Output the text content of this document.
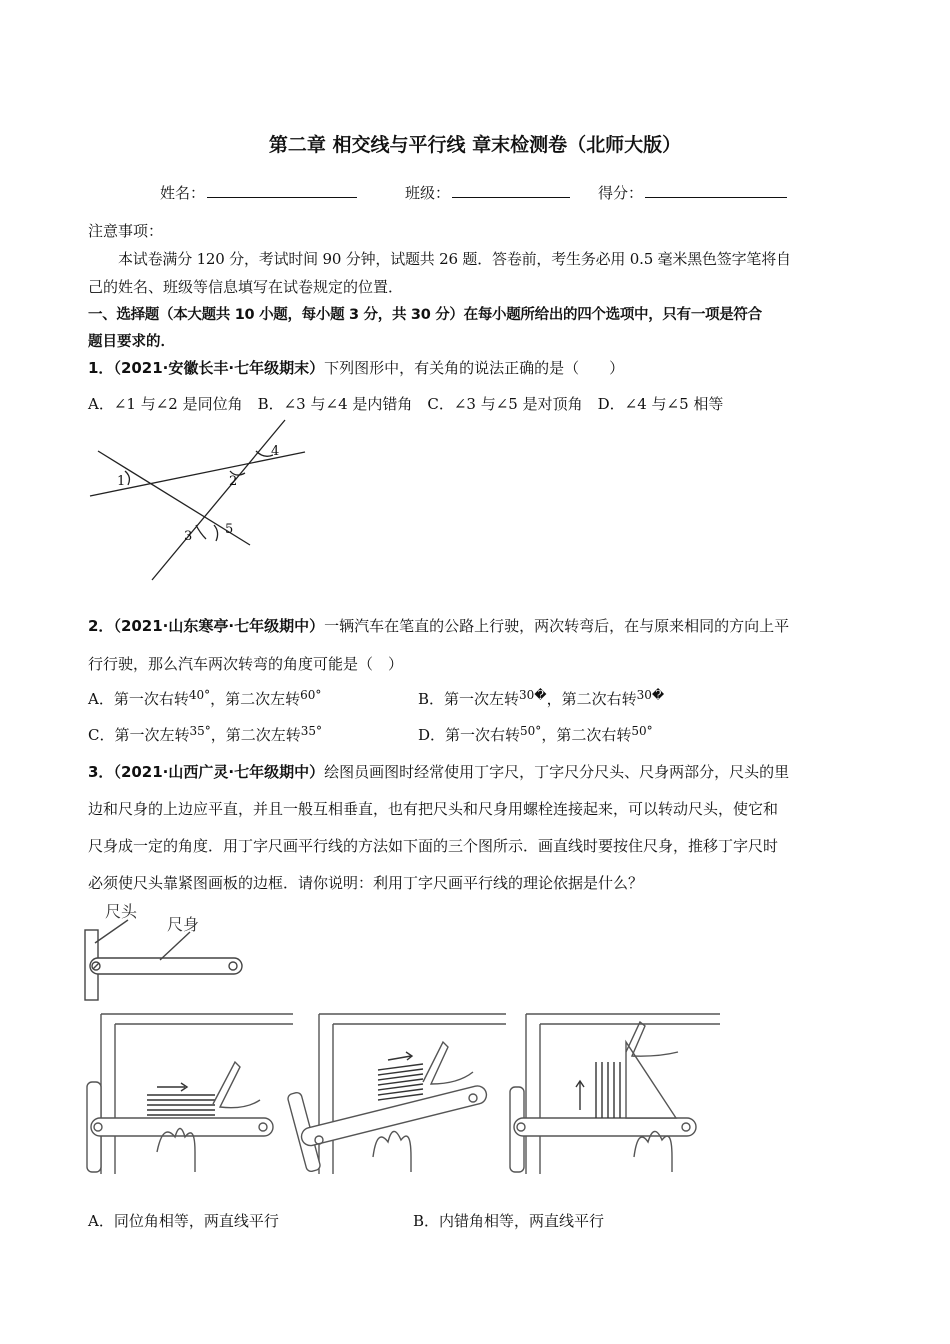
第二章 相交线与平行线 章末检测卷（北师大版）
姓名：	班级：	得分：
注意事项：
本试卷满分 120 分，考试时间 90 分钟，试题共 26 题．答卷前，考生务必用 0.5 毫米黑色签字笔将自
己的姓名、班级等信息填写在试卷规定的位置．
一、选择题（本大题共 10 小题，每小题 3 分，共 30 分）在每小题所给出的四个选项中，只有一项是符合
题目要求的．
1．（2021·安徽长丰·七年级期末）下列图形中，有关角的说法正确的是（　　）
A．∠1 与∠2 是同位角　B．∠3 与∠4 是内错角　C．∠3 与∠5 是对顶角　D．∠4 与∠5 相等
1	2
4
3	5
2．（2021·山东寒亭·七年级期中）一辆汽车在笔直的公路上行驶，两次转弯后，在与原来相同的方向上平
行行驶，那么汽车两次转弯的角度可能是（　）
A．第一次右转$^{40^\circ}$，第二次左转$^{60^\circ}$	B．第一次左转$^{30�}$，第二次右转$^{30�}$
C．第一次左转$^{35^\circ}$，第二次左转$^{35^\circ}$	D．第一次右转$^{50^\circ}$，第二次右转$^{50^\circ}$
3．（2021·山西广灵·七年级期中）绘图员画图时经常使用丁字尺，丁字尺分尺头、尺身两部分，尺头的里
边和尺身的上边应平直，并且一般互相垂直，也有把尺头和尺身用螺栓连接起来，可以转动尺头，使它和
尺身成一定的角度．用丁字尺画平行线的方法如下面的三个图所示．画直线时要按住尺身，推移丁字尺时
必须使尺头靠紧图画板的边框．请你说明：利用丁字尺画平行线的理论依据是什么？
尺头
尺身
A．同位角相等，两直线平行	B．内错角相等，两直线平行
